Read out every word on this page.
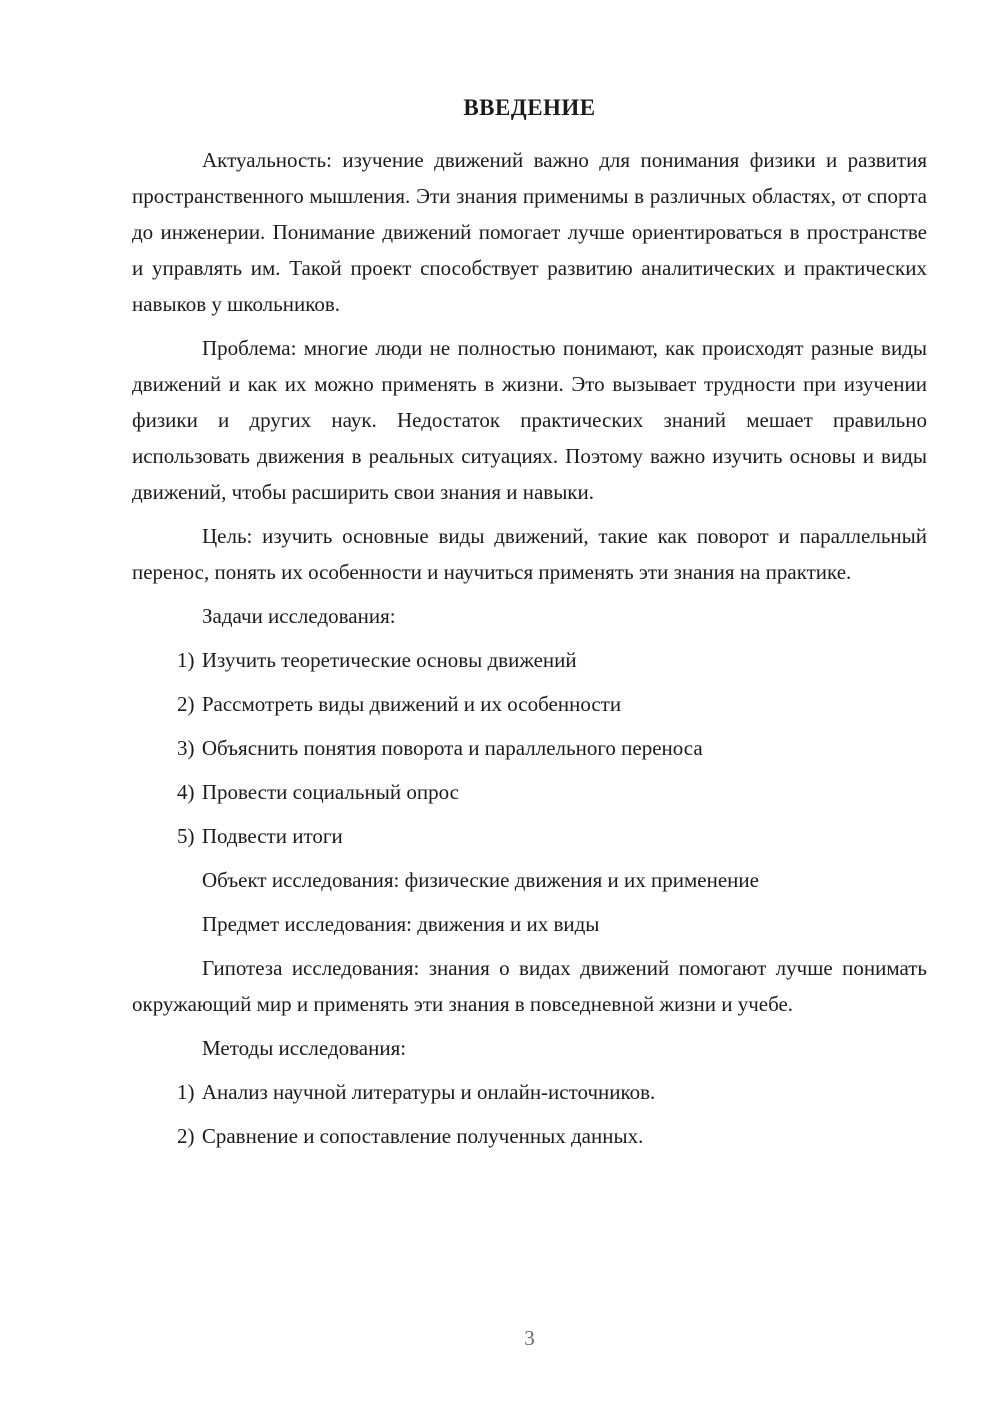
ВВЕДЕНИЕ

Актуальность: изучение движений важно для понимания физики и развития пространственного мышления. Эти знания применимы в различных областях, от спорта до инженерии. Понимание движений помогает лучше ориентироваться в пространстве и управлять им. Такой проект способствует развитию аналитических и практических навыков у школьников.

Проблема: многие люди не полностью понимают, как происходят разные виды движений и как их можно применять в жизни. Это вызывает трудности при изучении физики и других наук. Недостаток практических знаний мешает правильно использовать движения в реальных ситуациях. Поэтому важно изучить основы и виды движений, чтобы расширить свои знания и навыки.

Цель: изучить основные виды движений, такие как поворот и параллельный перенос, понять их особенности и научиться применять эти знания на практике.

Задачи исследования:

1) Изучить теоретические основы движений
2) Рассмотреть виды движений и их особенности
3) Объяснить понятия поворота и параллельного переноса
4) Провести социальный опрос
5) Подвести итоги

Объект исследования: физические движения и их применение

Предмет исследования: движения и их виды

Гипотеза исследования: знания о видах движений помогают лучше понимать окружающий мир и применять эти знания в повседневной жизни и учебе.

Методы исследования:

1) Анализ научной литературы и онлайн-источников.
2) Сравнение и сопоставление полученных данных.
3
